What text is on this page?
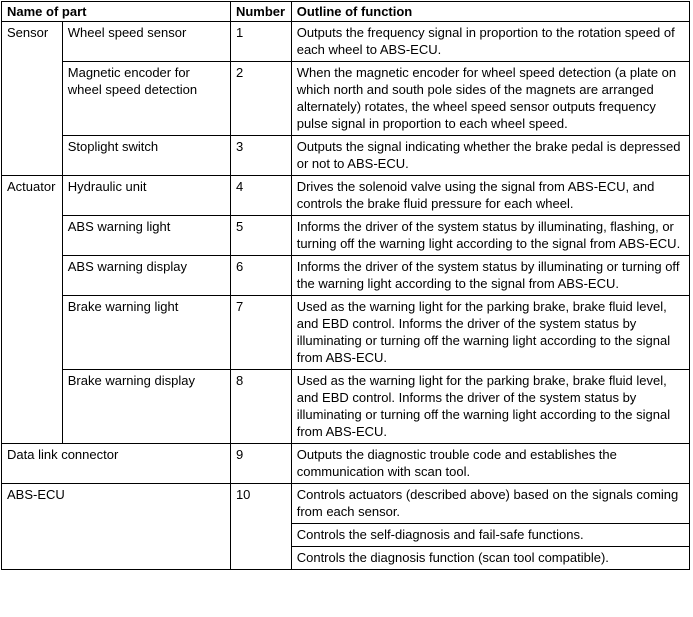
Name of part		Number	Outline of function
Sensor	Wheel speed sensor	1	Outputs the frequency signal in proportion to the rotation speed of each wheel to ABS-ECU.
	Magnetic encoder for wheel speed detection	2	When the magnetic encoder for wheel speed detection (a plate on which north and south pole sides of the magnets are arranged alternately) rotates, the wheel speed sensor outputs frequency pulse signal in proportion to each wheel speed.
	Stoplight switch	3	Outputs the signal indicating whether the brake pedal is depressed or not to ABS-ECU.
Actuator	Hydraulic unit	4	Drives the solenoid valve using the signal from ABS-ECU, and controls the brake fluid pressure for each wheel.
	ABS warning light	5	Informs the driver of the system status by illuminating, flashing, or turning off the warning light according to the signal from ABS-ECU.
	ABS warning display	6	Informs the driver of the system status by illuminating or turning off the warning light according to the signal from ABS-ECU.
	Brake warning light	7	Used as the warning light for the parking brake, brake fluid level, and EBD control. Informs the driver of the system status by illuminating or turning off the warning light according to the signal from ABS-ECU.
	Brake warning display	8	Used as the warning light for the parking brake, brake fluid level, and EBD control. Informs the driver of the system status by illuminating or turning off the warning light according to the signal from ABS-ECU.
Data link connector		9	Outputs the diagnostic trouble code and establishes the communication with scan tool.
ABS-ECU		10	Controls actuators (described above) based on the signals coming from each sensor.
			Controls the self-diagnosis and fail-safe functions.
			Controls the diagnosis function (scan tool compatible).
